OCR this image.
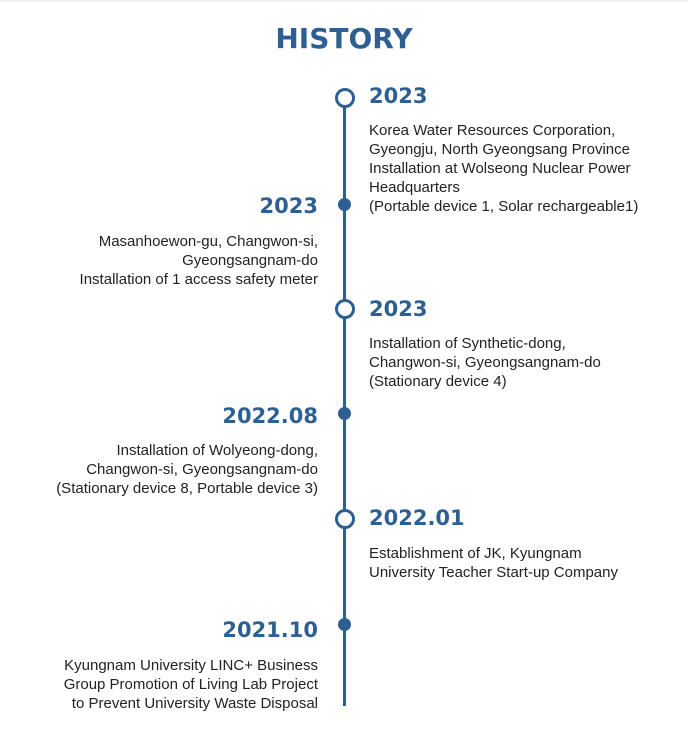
HISTORY
2023
Korea Water Resources Corporation,
Gyeongju, North Gyeongsang Province
Installation at Wolseong Nuclear Power
Headquarters
(Portable device 1, Solar rechargeable1)
2023
Masanhoewon-gu, Changwon-si,
Gyeongsangnam-do
Installation of 1 access safety meter
2023
Installation of Synthetic-dong,
Changwon-si, Gyeongsangnam-do
(Stationary device 4)
2022.08
Installation of Wolyeong-dong,
Changwon-si, Gyeongsangnam-do
(Stationary device 8, Portable device 3)
2022.01
Establishment of JK, Kyungnam
University Teacher Start-up Company
2021.10
Kyungnam University LINC+ Business
Group Promotion of Living Lab Project
to Prevent University Waste Disposal
